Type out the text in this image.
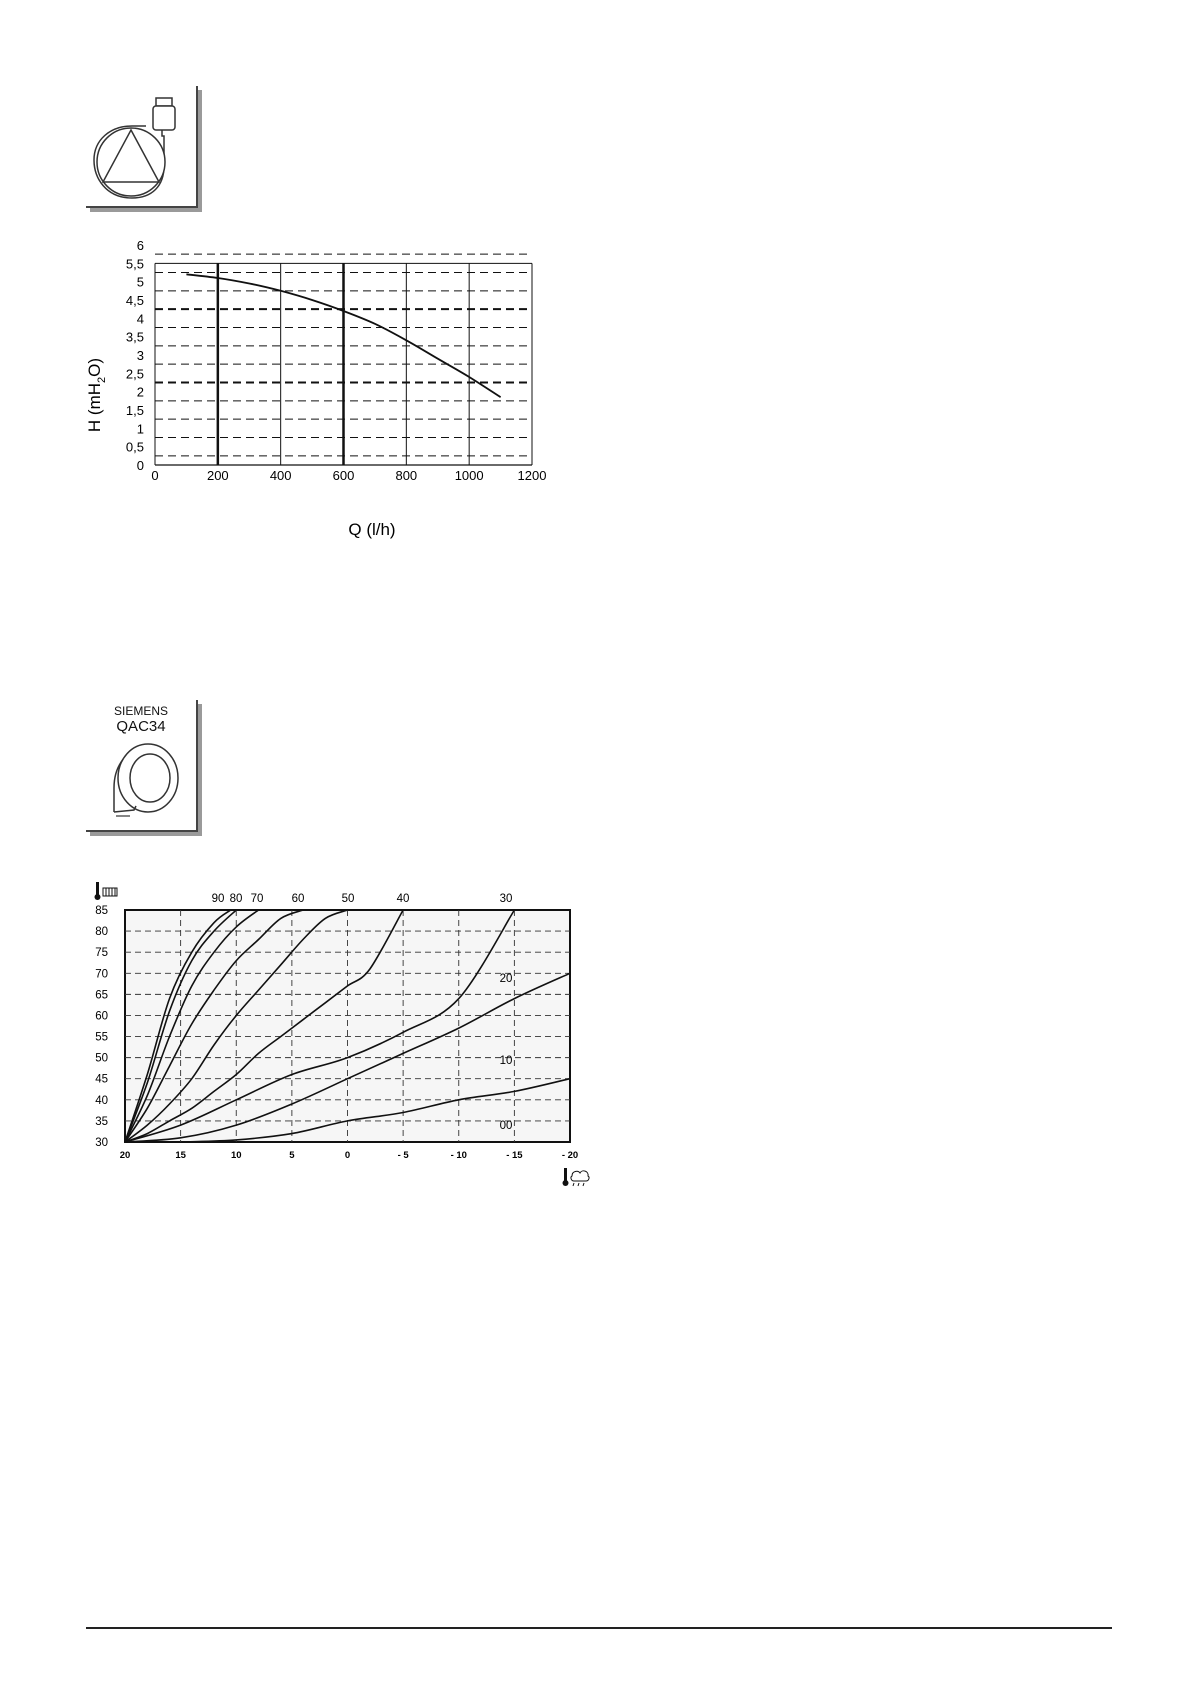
0
0,5
1
1,5
2
2,5
3
3,5
4
4,5
5
5,5
6
0	200	400	600	800	1000	1200
Q (l/h)
H $(mH_2O)$
SIEMENS
QAC34
30
35
40
45
50
55
60
65
70
75
80
85
20	15	10	5	0	- 5	- 10	- 15	- 20
90 80 70 60	50	40	30
20
10
00
